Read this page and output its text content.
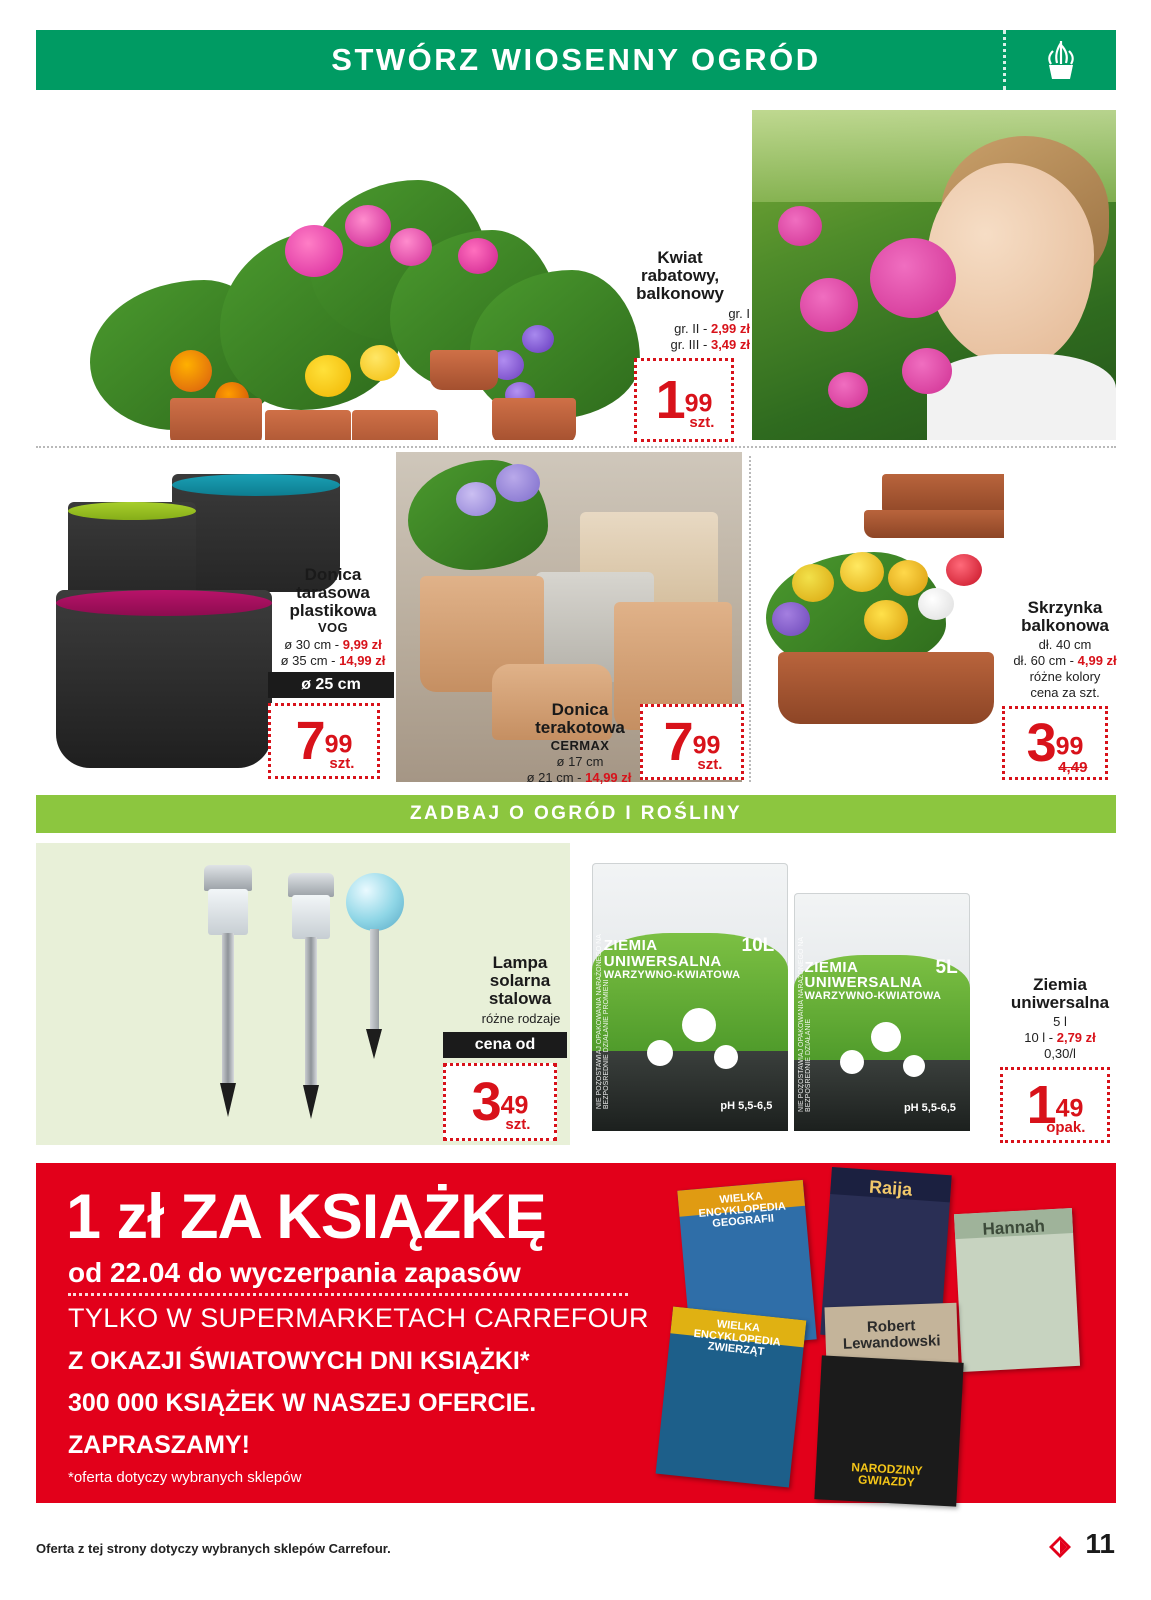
STWÓRZ WIOSENNY OGRÓD
Kwiat
rabatowy,
balkonowy
gr. I
gr. II - 2,99 zł
gr. III - 3,49 zł
199
szt.
Donica
tarasowa
plastikowa
VOG
ø 30 cm - 9,99 zł
ø 35 cm - 14,99 zł
ø 25 cm
799
szt.
Donica
terakotowa
CERMAX
ø 17 cm
ø 21 cm - 14,99 zł
799
szt.
Skrzynka
balkonowa
dł. 40 cm
dł. 60 cm - 4,99 zł
różne kolory
cena za szt.
399
4,49
ZADBAJ O OGRÓD I ROŚLINY
Lampa
solarna
stalowa
różne rodzaje
cena od
349
szt.
NIE POZOSTAWIAJ OPAKOWANIA NARAŻONEGO NA BEZPOŚREDNIE DZIAŁANIE PROMIENI
ZIEMIA
UNIWERSALNA
WARZYWNO-KWIATOWA
10L
pH 5,5-6,5	NIE POZOSTAWIAJ OPAKOWANIA NARAŻONEGO NA BEZPOŚREDNIE DZIAŁANIE
ZIEMIA
UNIWERSALNA
WARZYWNO-KWIATOWA
5L
pH 5,5-6,5
Ziemia
uniwersalna
5 l
10 l - 2,79 zł
0,30/l
149
opak.
1 zł ZA KSIĄŻKĘ
od 22.04 do wyczerpania zapasów
TYLKO W SUPERMARKETACH CARREFOUR
Z OKAZJI ŚWIATOWYCH DNI KSIĄŻKI*
300 000 KSIĄŻEK W NASZEJ OFERCIE.
ZAPRASZAMY!
*oferta dotyczy wybranych sklepów
WIELKA ENCYKLOPEDIA GEOGRAFII
Raija
Hannah
WIELKA ENCYKLOPEDIA ZWIERZĄT
Robert Lewandowski
NARODZINY GWIAZDY
Oferta z tej strony dotyczy wybranych sklepów Carrefour.	11
